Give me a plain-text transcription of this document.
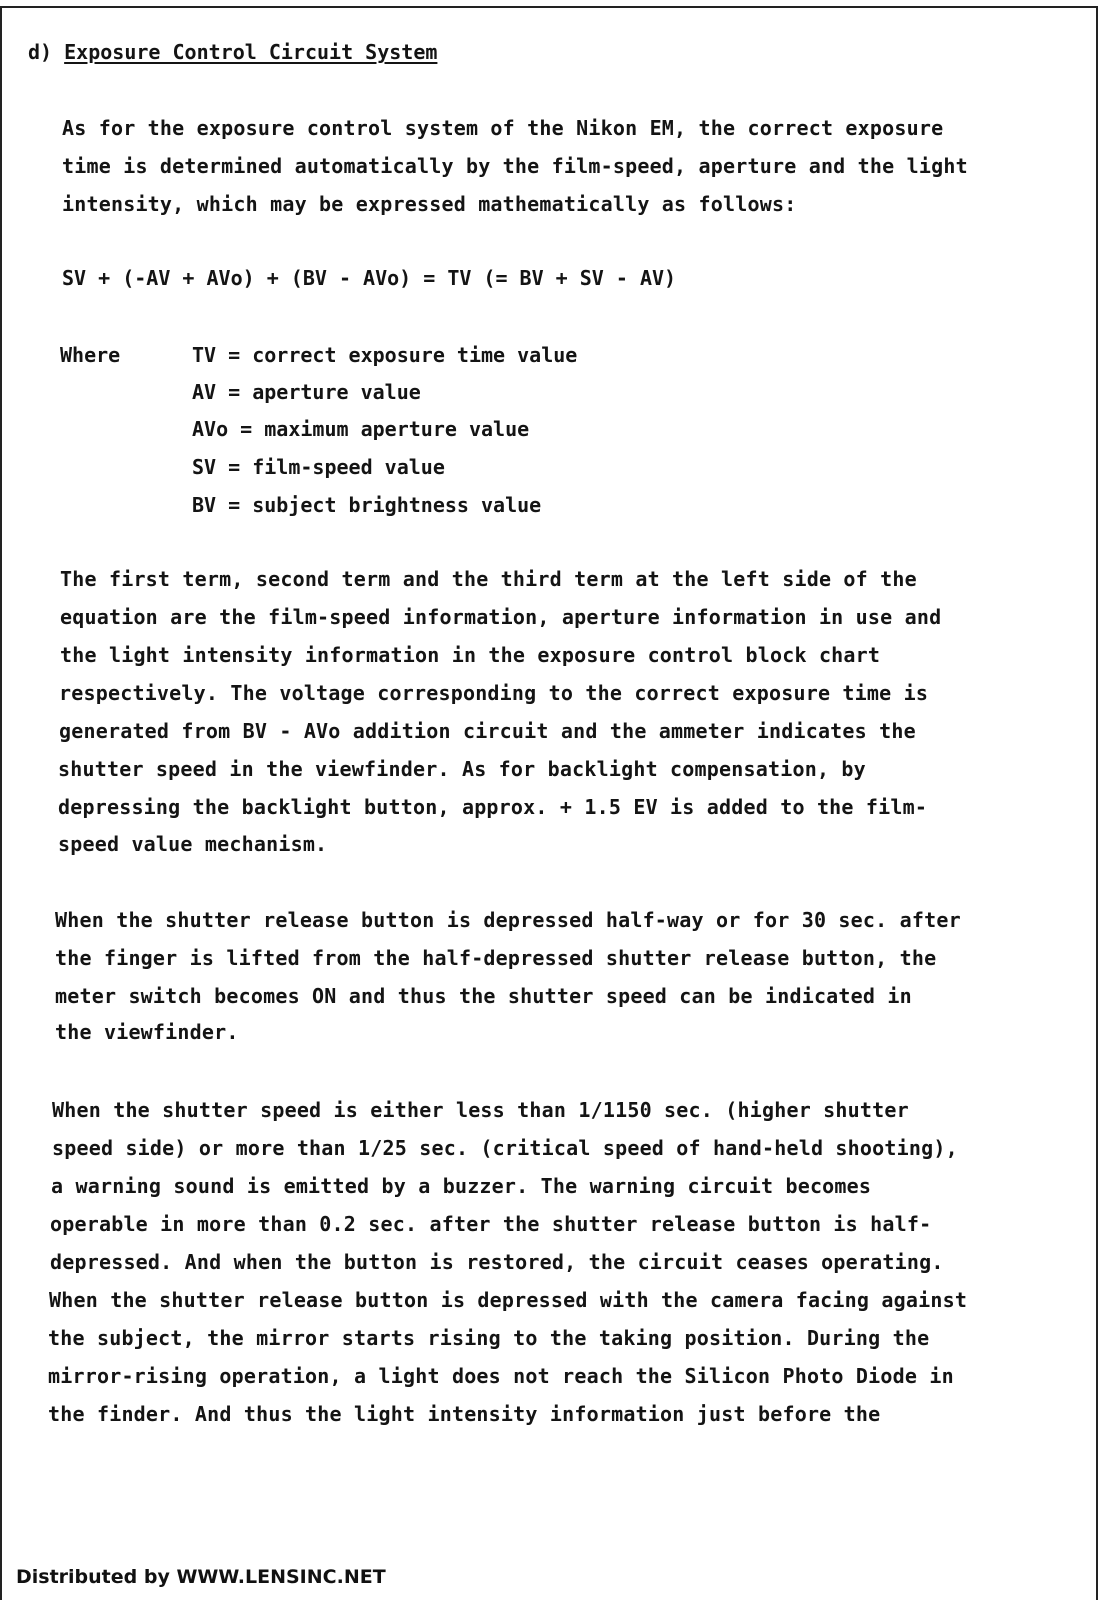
d) Exposure Control Circuit System
As for the exposure control system of the Nikon EM, the correct exposure
time is determined automatically by the film-speed, aperture and the light
intensity, which may be expressed mathematically as follows:
SV + (-AV + AVo) + (BV - AVo) = TV (= BV + SV - AV)
Where	TV = correct exposure time value
AV = aperture value
AVo = maximum aperture value
SV = film-speed value
BV = subject brightness value
The first term, second term and the third term at the left side of the
equation are the film-speed information, aperture information in use and
the light intensity information in the exposure control block chart
respectively. The voltage corresponding to the correct exposure time is
generated from BV - AVo addition circuit and the ammeter indicates the
shutter speed in the viewfinder. As for backlight compensation, by
depressing the backlight button, approx. + 1.5 EV is added to the film-
speed value mechanism.
When the shutter release button is depressed half-way or for 30 sec. after
the finger is lifted from the half-depressed shutter release button, the
meter switch becomes ON and thus the shutter speed can be indicated in
the viewfinder.
When the shutter speed is either less than 1/1150 sec. (higher shutter
speed side) or more than 1/25 sec. (critical speed of hand-held shooting),
a warning sound is emitted by a buzzer. The warning circuit becomes
operable in more than 0.2 sec. after the shutter release button is half-
depressed. And when the button is restored, the circuit ceases operating.
When the shutter release button is depressed with the camera facing against
the subject, the mirror starts rising to the taking position. During the
mirror-rising operation, a light does not reach the Silicon Photo Diode in
the finder. And thus the light intensity information just before the
Distributed by WWW.LENSINC.NET
